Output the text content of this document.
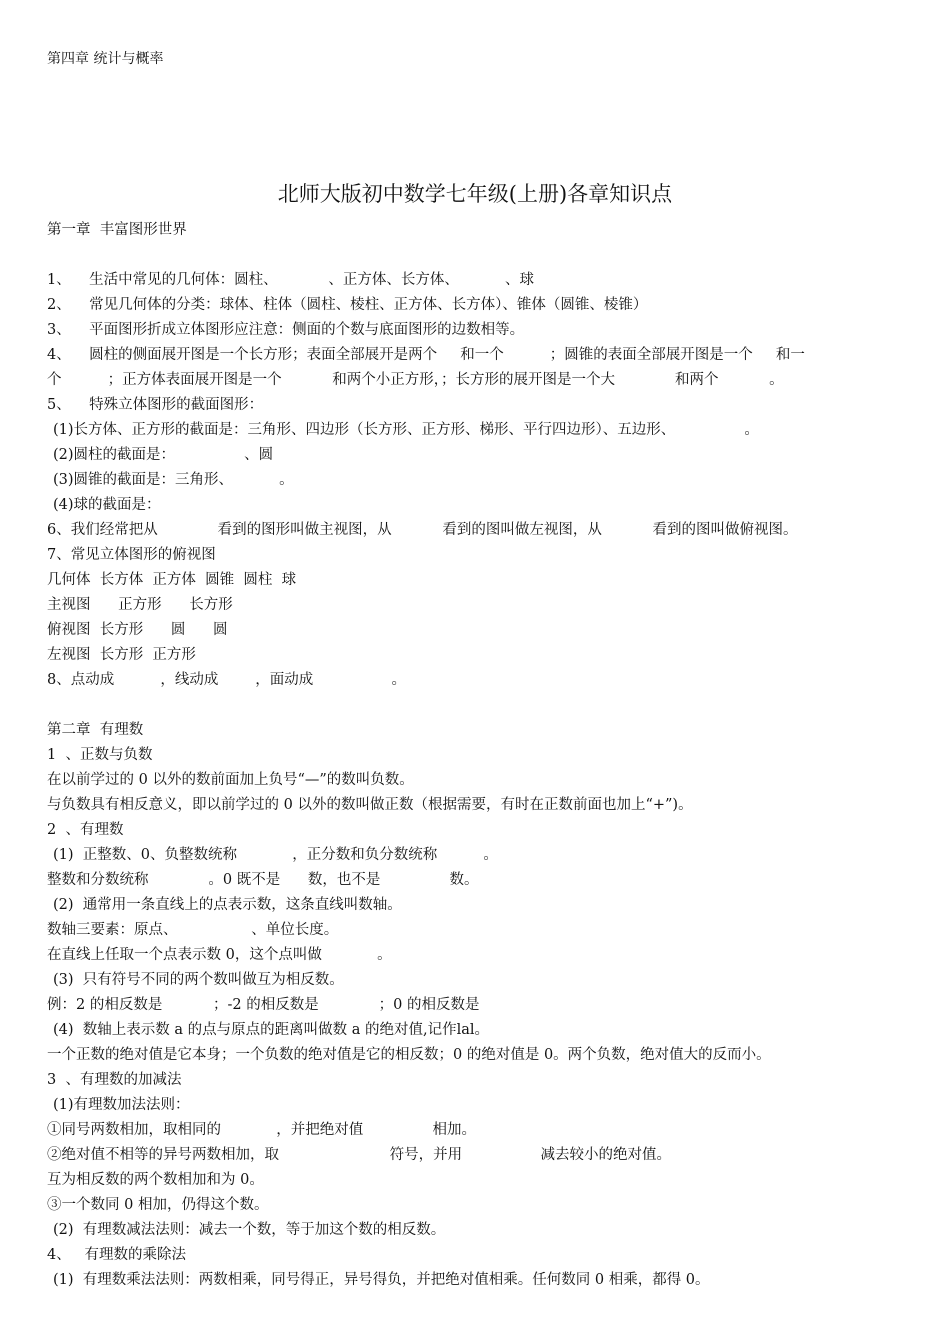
第四章 统计与概率
北师大版初中数学七年级(上册)各章知识点
第一章  丰富图形世界
1、    生活中常见的几何体：圆柱、           、正方体、长方体、          、球
2、    常见几何体的分类：球体、柱体（圆柱、棱柱、正方体、长方体）、锥体（圆锥、棱锥）
3、    平面图形折成立体图形应注意：侧面的个数与底面图形的边数相等。
4、    圆柱的侧面展开图是一个长方形；表面全部展开是两个     和一个          ；圆锥的表面全部展开图是一个     和一
个          ；正方体表面展开图是一个           和两个小正方形，；长方形的展开图是一个大             和两个           。
5、    特殊立体图形的截面图形：
(1)长方体、正方形的截面是：三角形、四边形（长方形、正方形、梯形、平行四边形）、五边形、               。
(2)圆柱的截面是：               、圆
(3)圆锥的截面是：三角形、          。
(4)球的截面是：
6、我们经常把从             看到的图形叫做主视图，从           看到的图叫做左视图，从           看到的图叫做俯视图。
7、常见立体图形的俯视图
几何体  长方体  正方体  圆锥  圆柱  球
主视图      正方形      长方形
俯视图  长方形      圆      圆
左视图  长方形  正方形
8、点动成          ，线动成        ，面动成                 。
第二章  有理数
1  、正数与负数
在以前学过的 0 以外的数前面加上负号“—”的数叫负数。
与负数具有相反意义，即以前学过的 0 以外的数叫做正数（根据需要，有时在正数前面也加上“+”)。
2  、有理数
(1)  正整数、0、负整数统称            ，正分数和负分数统称          。
整数和分数统称             。0 既不是      数，也不是               数。
(2)  通常用一条直线上的点表示数，这条直线叫数轴。
数轴三要素：原点、                、单位长度。
在直线上任取一个点表示数 0，这个点叫做            。
(3)  只有符号不同的两个数叫做互为相反数。
例：2 的相反数是           ；-2 的相反数是             ；0 的相反数是
(4)  数轴上表示数 a 的点与原点的距离叫做数 a 的绝对值,记作lal。
一个正数的绝对值是它本身；一个负数的绝对值是它的相反数；0 的绝对值是 0。两个负数，绝对值大的反而小。
3  、有理数的加减法
(1)有理数加法法则：
①同号两数相加，取相同的            ，并把绝对值               相加。
②绝对值不相等的异号两数相加，取                        符号，并用                 减去较小的绝对值。
互为相反数的两个数相加和为 0。
③一个数同 0 相加，仍得这个数。
(2)  有理数减法法则：减去一个数，等于加这个数的相反数。
4、   有理数的乘除法
(1)  有理数乘法法则：两数相乘，同号得正，异号得负，并把绝对值相乘。任何数同 0 相乘，都得 0。
